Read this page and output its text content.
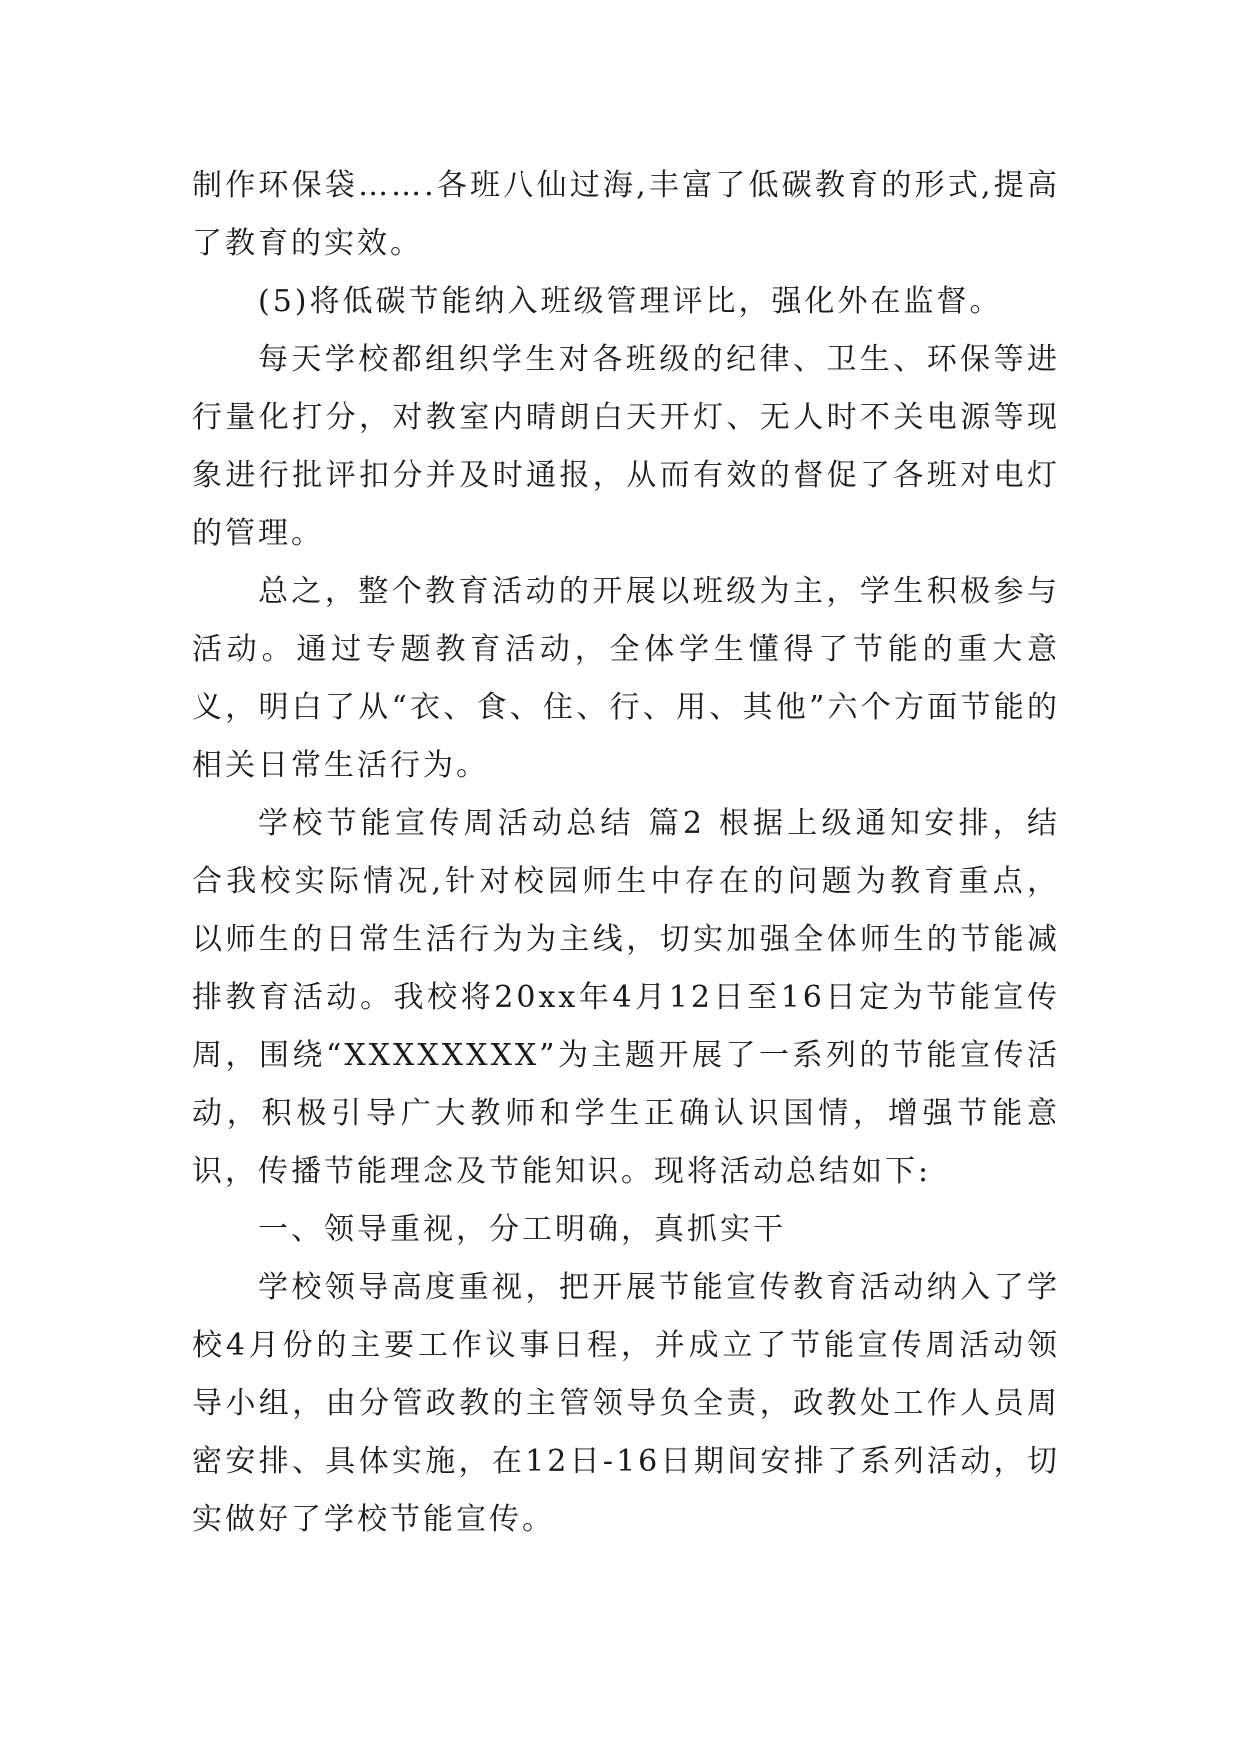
制作环保袋…….各班八仙过海,丰富了低碳教育的形式,提高了教育的实效。

(5)将低碳节能纳入班级管理评比，强化外在监督。

每天学校都组织学生对各班级的纪律、卫生、环保等进行量化打分，对教室内晴朗白天开灯、无人时不关电源等现象进行批评扣分并及时通报，从而有效的督促了各班对电灯的管理。

总之，整个教育活动的开展以班级为主，学生积极参与活动。通过专题教育活动，全体学生懂得了节能的重大意义，明白了从“衣、食、住、行、用、其他”六个方面节能的相关日常生活行为。

学校节能宣传周活动总结 篇2 根据上级通知安排，结合我校实际情况,针对校园师生中存在的问题为教育重点，以师生的日常生活行为为主线，切实加强全体师生的节能减排教育活动。我校将20xx年4月12日至16日定为节能宣传周，围绕“XXXXXXXX”为主题开展了一系列的节能宣传活动，积极引导广大教师和学生正确认识国情，增强节能意识，传播节能理念及节能知识。现将活动总结如下:

一、领导重视，分工明确，真抓实干

学校领导高度重视，把开展节能宣传教育活动纳入了学校4月份的主要工作议事日程，并成立了节能宣传周活动领导小组，由分管政教的主管领导负全责，政教处工作人员周密安排、具体实施，在12日-16日期间安排了系列活动，切实做好了学校节能宣传。
